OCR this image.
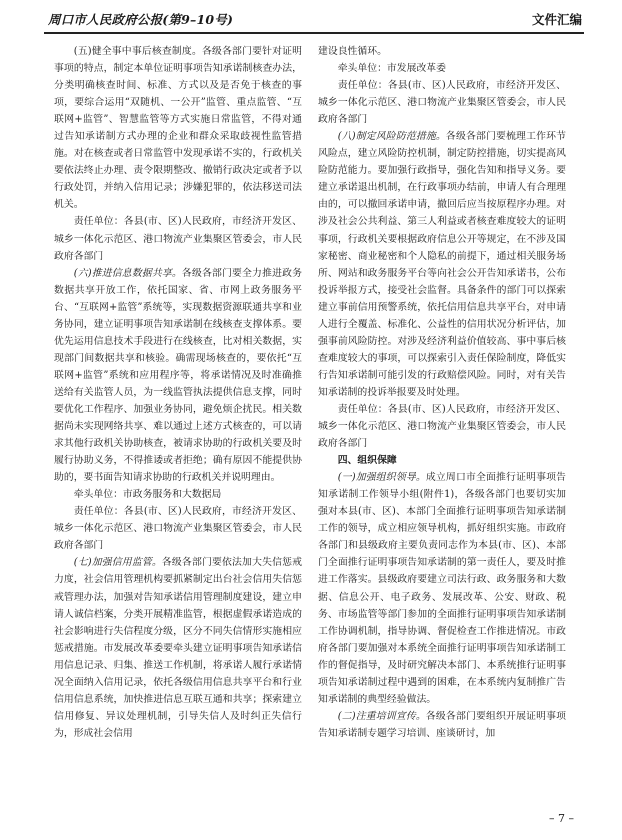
周口市人民政府公报(第9–10号)	文件汇编

(五)健全事中事后核查制度。各级各部门要针对证明事项的特点，制定本单位证明事项告知承诺制核查办法，分类明确核查时间、标准、方式以及是否免于核查的事项，要综合运用“双随机、一公开”监管、重点监管、“互联网+监管”、智慧监管等方式实施日常监管，不得对通过告知承诺制方式办理的企业和群众采取歧视性监管措施。对在核查或者日常监管中发现承诺不实的，行政机关要依法终止办理、责令限期整改、撤销行政决定或者予以行政处罚，并纳入信用记录；涉嫌犯罪的，依法移送司法机关。

责任单位：各县(市、区)人民政府，市经济开发区、城乡一体化示范区、港口物流产业集聚区管委会，市人民政府各部门

(六)推进信息数据共享。各级各部门要全力推进政务数据共享开放工作，依托国家、省、市网上政务服务平台、“互联网+监管”系统等，实现数据资源联通共享和业务协同，建立证明事项告知承诺制在线核查支撑体系。要优先运用信息技术手段进行在线核查，比对相关数据，实现部门间数据共享和核验。确需现场核查的，要依托“互联网+监管”系统和应用程序等，将承诺情况及时准确推送给有关监管人员，为一线监管执法提供信息支撑，同时要优化工作程序、加强业务协同，避免烦企扰民。相关数据尚未实现网络共享、难以通过上述方式核查的，可以请求其他行政机关协助核查，被请求协助的行政机关要及时履行协助义务，不得推诿或者拒绝；确有原因不能提供协助的，要书面告知请求协助的行政机关并说明理由。

牵头单位：市政务服务和大数据局

责任单位：各县(市、区)人民政府，市经济开发区、城乡一体化示范区、港口物流产业集聚区管委会，市人民政府各部门

(七)加强信用监管。各级各部门要依法加大失信惩戒力度，社会信用管理机构要抓紧制定出台社会信用失信惩戒管理办法，加强对告知承诺信用管理制度建设，建立申请人诚信档案，分类开展精准监管，根据虚假承诺造成的社会影响进行失信程度分级，区分不同失信情形实施相应惩戒措施。市发展改革委要牵头建立证明事项告知承诺信用信息记录、归集、推送工作机制，将承诺人履行承诺情况全面纳入信用记录，依托各级信用信息共享平台和行业信用信息系统，加快推进信息互联互通和共享；探索建立信用修复、异议处理机制，引导失信人及时纠正失信行为，形成社会信用

建设良性循环。

牵头单位：市发展改革委

责任单位：各县(市、区)人民政府，市经济开发区、城乡一体化示范区、港口物流产业集聚区管委会，市人民政府各部门

(八)制定风险防范措施。各级各部门要梳理工作环节风险点，建立风险防控机制，制定防控措施，切实提高风险防范能力。要加强行政指导，强化告知和指导义务。要建立承诺退出机制，在行政事项办结前，申请人有合理理由的，可以撤回承诺申请，撤回后应当按原程序办理。对涉及社会公共利益、第三人利益或者核查难度较大的证明事项，行政机关要根据政府信息公开等规定，在不涉及国家秘密、商业秘密和个人隐私的前提下，通过相关服务场所、网站和政务服务平台等向社会公开告知承诺书，公布投诉举报方式，接受社会监督。具备条件的部门可以探索建立事前信用预警系统，依托信用信息共享平台，对申请人进行全覆盖、标准化、公益性的信用状况分析评估，加强事前风险防控。对涉及经济利益价值较高、事中事后核查难度较大的事项，可以探索引入责任保险制度，降低实行告知承诺制可能引发的行政赔偿风险。同时，对有关告知承诺制的投诉举报要及时处理。

责任单位：各县(市、区)人民政府，市经济开发区、城乡一体化示范区、港口物流产业集聚区管委会，市人民政府各部门

四、组织保障

(一)加强组织领导。成立周口市全面推行证明事项告知承诺制工作领导小组(附件1)，各级各部门也要切实加强对本县(市、区)、本部门全面推行证明事项告知承诺制工作的领导，成立相应领导机构，抓好组织实施。市政府各部门和县级政府主要负责同志作为本县(市、区)、本部门全面推行证明事项告知承诺制的第一责任人，要及时推进工作落实。县级政府要建立司法行政、政务服务和大数据、信息公开、电子政务、发展改革、公安、财政、税务、市场监管等部门参加的全面推行证明事项告知承诺制工作协调机制，指导协调、督促检查工作推进情况。市政府各部门要加强对本系统全面推行证明事项告知承诺制工作的督促指导，及时研究解决本部门、本系统推行证明事项告知承诺制过程中遇到的困难，在本系统内复制推广告知承诺制的典型经验做法。

(二)注重培训宣传。各级各部门要组织开展证明事项告知承诺制专题学习培训、座谈研讨，加

– 7 –
